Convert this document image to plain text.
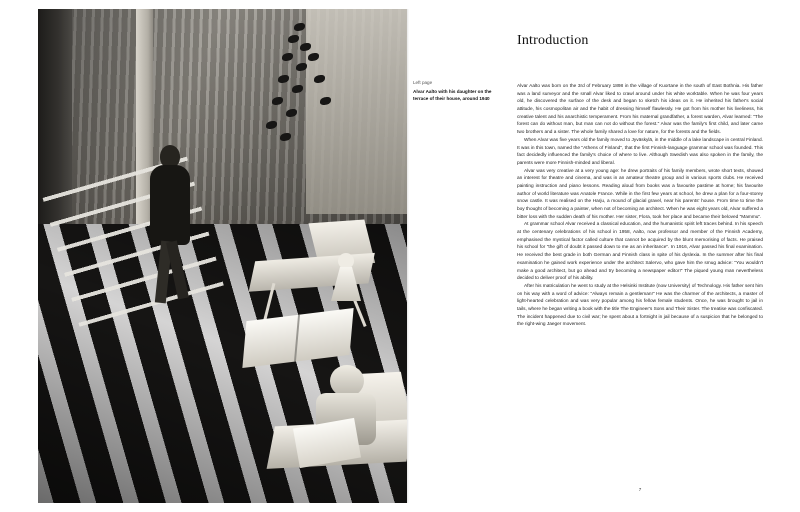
Left page
Alvar Aalto with his daughter on the terrace of their house, around 1940
Introduction

Alvar Aalto was born on the 3rd of February 1898 in the village of Kuortane in the south of East Bothnia. His father was a land surveyor and the small Alvar liked to crawl around under his white worktable. When he was four years old, he discovered the surface of the desk and began to sketch his ideas on it. He inherited his father's social attitude, his cosmopolitan air and the habit of dressing himself flawlessly. He got from his mother his liveliness, his creative talent and his anarchistic temperament. From his maternal grandfather, a forest warden, Alvar learned: "The forest can do without man, but man can not do without the forest." Alvar was the family's first child, and later came two brothers and a sister. The whole family shared a love for nature, for the forests and the fields.

When Alvar was five years old the family moved to Jyväskylä, in the middle of a lake landscape in central Finland. It was in this town, named the "Athens of Finland", that the first Finnish-language grammar school was founded. This fact decidedly influenced the family's choice of where to live. Although Swedish was also spoken in the family, the parents were more Finnish-minded and liberal.

Alvar was very creative at a very young age: he drew portraits of his family members, wrote short texts, showed an interest for theatre and cinema, and was in an amateur theatre group and in various sports clubs. He received painting instruction and piano lessons. Reading aloud from books was a favourite pastime at home; his favourite author of world literature was Anatole France. While in the first few years at school, he drew a plan for a four-storey snow castle. It was realised on the Harju, a mound of glacial gravel, near his parents' house. From time to time the boy thought of becoming a painter, when not of becoming an architect. When he was eight years old, Alvar suffered a bitter loss with the sudden death of his mother. Her sister, Flora, took her place and became their beloved "Mammu".

At grammar school Alvar received a classical education, and the humanistic spirit left traces behind. In his speech at the centenary celebrations of his school in 1958, Aalto, now professor and member of the Finnish Academy, emphasised the mystical factor called culture that cannot be acquired by the blunt memorising of facts. He praised his school for "the gift of doubt it passed down to me as an inheritance". In 1916, Alvar passed his final examination. He received the best grade in both German and Finnish class in spite of his dyslexia. In the summer after his final examination he gained work experience under the architect Salervo, who gave him the smug advice: "You wouldn't make a good architect, but go ahead and try becoming a newspaper editor!" The piqued young man nevertheless decided to deliver proof of his ability.

After his matriculation he went to study at the Helsinki Institute (now University) of Technology. His father sent him on his way with a word of advice: "Always remain a gentleman!" He was the charmer of the architects, a master of light-hearted celebration and was very popular among his fellow female students. Once, he was brought to jail in tails, where he began writing a book with the title The Engineer's Sons and Their Sister. The treatise was confiscated. The incident happened due to civil war; he spent about a fortnight in jail because of a suspicion that he belonged to the right-wing Jaeger movement.

7
